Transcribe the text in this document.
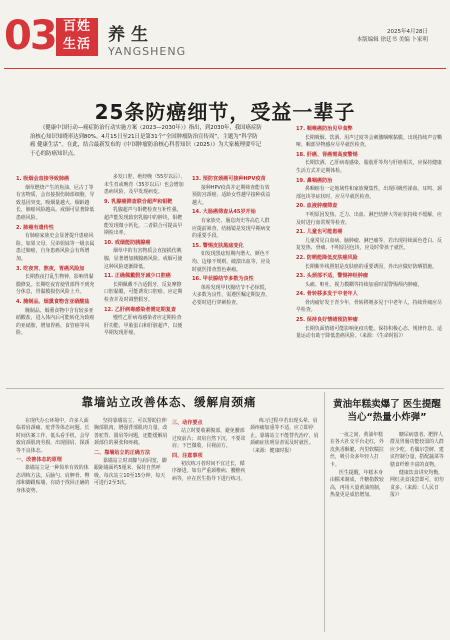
03 百姓
生活	养生
YANGSHENG
2025年4月28日
本版编辑 徐廷书 美编 卜家明
25条防癌细节，受益一辈子
《健康中国行动—癌症防治行动实施方案（2023—2030年）》指出，到2030年，我国癌症防治核心知识知晓率达到80%。4月15日至21日是第31个“全国肿瘤防治宣传周”，主题为“科学防癌 健康生活”。在此，结合最新发布的《中国肿瘤防治核心科普知识（2025）》为大家梳理要牢记于心的防癌知识点。
1. 吸烟会直接导致肺癌

烟草燃烧产生的焦油、尼古丁等有害物质，会直接损伤肺部细胞，导致基因突变。吸烟量越大、烟龄越长，肺癌风险越高。戒烟可显著降低患癌风险。

2. 肺癌有遗传性

有肺癌家族史会显著提升患癌风险。如果父母、兄弟姐妹等一级亲属患过肺癌，自身患癌风险会有所增加。

3. 吃夜宵、熬夜，胃癌风险加

长期熬夜打乱生物钟，影响胃黏膜修复。长期吃夜宵使胃部得不到充分休息，胃黏膜损伤风险上升。

4. 腌制品、烟熏食物含亚硝酸盐

腌制品、烟熏食物中含有较多亚硝酸盐，进入体内后可能转化为致癌的亚硝胺，增加胃癌、食管癌等风险。

多发口腔，绝经晚（55岁以后）、未生育或晚育（35岁以后）也会增加患病风险，及早发现病变。

9. 乳腺癌筛查联合超声和钼靶

乳腺超声与钼靶检查互补性强，超声能发现致密乳腺中的肿块，钼靶能发现微小钙化。二者联合可提高早期检出率。

10. 戒烟能防胰腺癌

烟草中的有害物质会直接损伤胰腺，显著增加胰腺癌风险。戒烟可使这种风险逐渐降低。

11. 正确佩戴假牙减少口腔癌

长期佩戴不合适假牙，反复摩擦口腔黏膜，可能诱发口腔癌。应定期检查并及时调整假牙。

12. 乙肝病毒感染者需定期复查

慢性乙肝病毒感染者应定期检查肝功能、甲胎蛋白和肝脏超声，以便早期发现肝癌。

13. 预防宫颈癌可接种HPV疫苗

接种HPV疫苗并定期筛查能有效预防宫颈癌，适龄女性越早接种获益越大。

14. 大肠癌筛查从45岁开始

有家族史、肠息肉史等高危人群应提前筛查，结肠镜是发现早期病变的重要手段。

15. 警惕皮肤黑痣变化

如发现黑痣短期内增大、颜色不均、边缘不规则、破溃出血等，应及时就医排查黑色素瘤。

16. 甲状腺结节多数为良性

体检发现甲状腺结节不必惊慌，大多数为良性，需遵医嘱定期复查，必要时进行穿刺检查。

17. 咽喉癌防治见早食弊

长期吸烟、饮酒、用声过度等会刺激咽喉黏膜。出现持续声音嘶哑、咽部异物感应尽早就医检查。

18. 肝癌、肾癌需高度警惕

长期饮酒、乙肝病毒感染、脂肪肝等均与肝癌相关，应保持健康生活方式并定期体检。

19. 鼻咽癌防治

鼻咽癌有一定地域性和家族聚集性。出现回吸性涕血、耳鸣、颈部包块等症状时，应尽早就医检查。

20. 血液肿瘤筛查

不明原因发热、乏力、出血、淋巴结肿大等症状持续不缓解，应及时进行血常规等检查。

21. 儿童也可能患癌

儿童常见白血病、脑肿瘤、淋巴瘤等，若出现持续面色苍白、反复发热、骨痛、不明原因包块，应及时带孩子就医。

22. 防晒能降低皮肤癌风险

长期紫外线照射是皮肤癌的重要诱因，外出应做好防晒措施。

23. 头颈部不适，警惕神经肿瘤

头痛、呕吐、视力模糊等持续加重时需警惕颅内肿瘤。

24. 骨转移多发于中老年人

骨肉瘤好发于青少年，骨转移则多见于中老年人，持续骨痛应尽早检查。

25. 保持良好情绪预防肿瘤

长期负面情绪可能影响免疫功能。保持积极心态、规律作息、适量运动有助于降低患癌风险。（来源：《生命时报》）

靠墙站立改善体态、缓解肩颈痛

在现代办公环境中，许多人面临着肩颈痛、驼背等体态问题。长时间伏案工作、低头看手机，会导致肩颈肌肉劳损，出现圆肩、探颈等不良体态。

一、改善体态的原理

靠墙站立是一种简单有效的体态训练方法。后脑勺、肩胛骨、臀部和脚跟贴墙，有助于找回正确的身体姿势。

坚持靠墙站立，可以帮助拉伸胸部肌肉，增强背部肌肉力量，改善驼背、圆肩等问题，还能缓解肩颈部位的紧张和疼痛。

二、靠墙站立的正确方法

靠墙站立时双脚与肩同宽，脚跟距墙面约5厘米，保持自然呼吸。每次站立10至15分钟，每天可进行2至3次。

三、动作要点

站立时要收紧腹部，避免腰部过度前凸；双肩自然下沉，不要耸肩；下巴微收，目视前方。

四、注意事项

初次练习者时间不宜过长，循序渐进。如有严重颈椎病、腰椎疾病等，应在医生指导下进行练习。

练习过程中若出现头晕、肩颈疼痛加重等不适，应立即停止。靠墙站立不能替代治疗，肩颈痛症状明显者需及时就医。（来源：健康时报）

黄油年糕卖爆了 医生提醒当心“热量小炸弹”

一夜之间，黄油年糕在各大社交平台走红，外皮焦香酥脆、内里软糯拉丝，吸引众多年轻人打卡。

医生提醒，年糕本身由糯米制成，升糖指数较高，再用大量黄油煎制，热量更是成倍增加。

糖尿病患者、肥胖人群及胃肠功能较弱的人群应少吃。若偶尔尝鲜，建议控制分量，搭配蔬菜等膳食纤维丰富的食物。

健康饮食讲究均衡，网红美食浅尝即可，切勿贪多。（来源：《人民日报》）
